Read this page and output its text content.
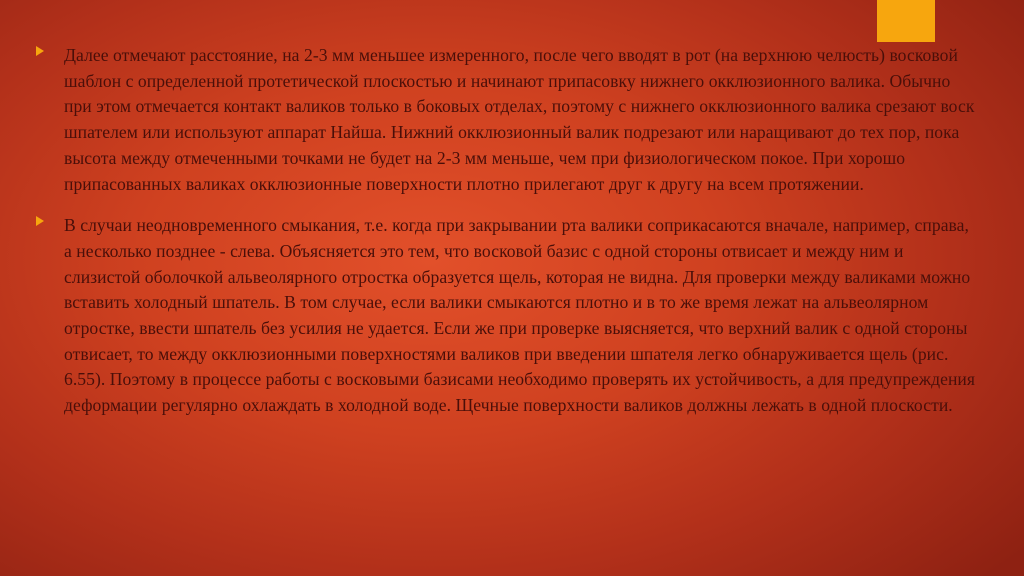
Далее отмечают расстояние, на 2-3 мм меньшее измеренного, после чего вводят в рот (на верхнюю челюсть) восковой шаблон с определенной протетической плоскостью и начинают припасовку нижнего окклюзионного валика. Обычно при этом отмечается контакт валиков только в боковых отделах, поэтому с нижнего окклюзионного валика срезают воск шпателем или используют аппарат Найша. Нижний окклюзионный валик подрезают или наращивают до тех пор, пока высота между отмеченными точками не будет на 2-3 мм меньше, чем при физиологическом покое. При хорошо припасованных валиках окклюзионные поверхности плотно прилегают друг к другу на всем протяжении.

В случаи неодновременного смыкания, т.е. когда при закрывании рта валики соприкасаются вначале, например, справа, а несколько позднее - слева. Объясняется это тем, что восковой базис с одной стороны отвисает и между ним и слизистой оболочкой альвеолярного отростка образуется щель, которая не видна. Для проверки между валиками можно вставить холодный шпатель. В том случае, если валики смыкаются плотно и в то же время лежат на альвеолярном отростке, ввести шпатель без усилия не удается. Если же при проверке выясняется, что верхний валик с одной стороны отвисает, то между окклюзионными поверхностями валиков при введении шпателя легко обнаруживается щель (рис. 6.55). Поэтому в процессе работы с восковыми базисами необходимо проверять их устойчивость, а для предупреждения деформации регулярно охлаждать в холодной воде. Щечные поверхности валиков должны лежать в одной плоскости.
